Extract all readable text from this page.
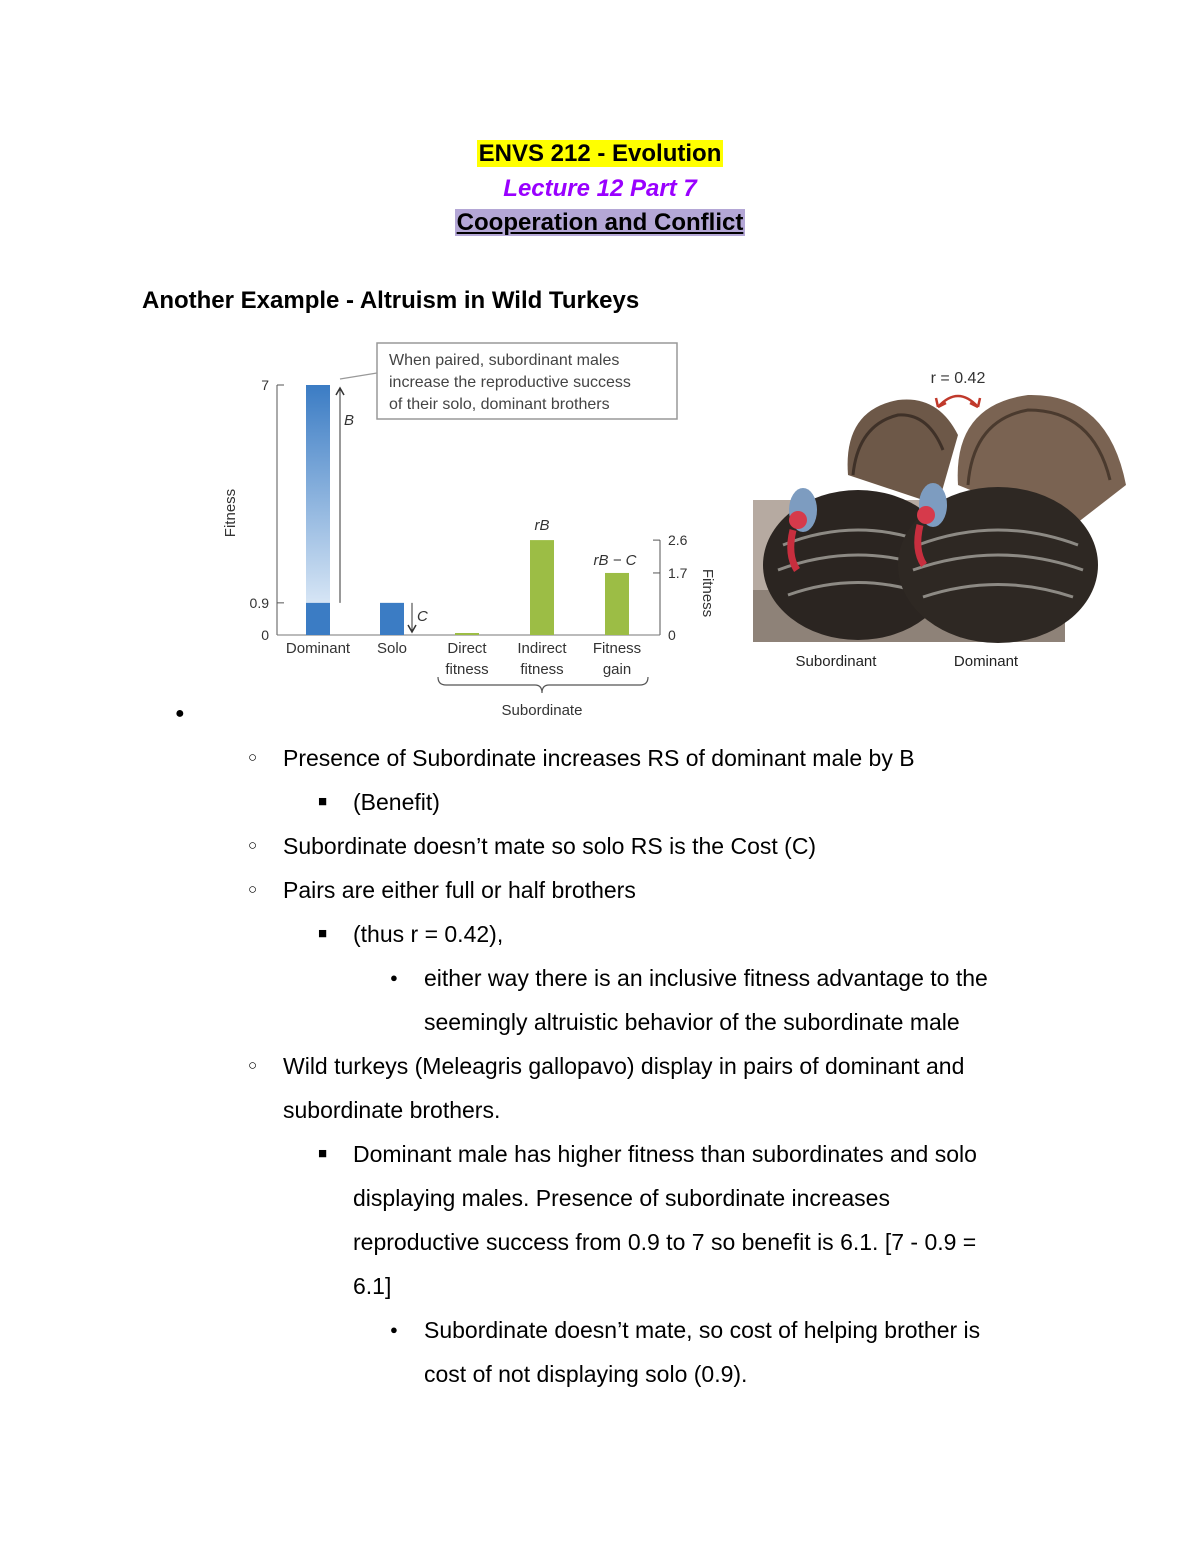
ENVS 212 - Evolution
Lecture 12 Part 7
Cooperation and Conflict
Another Example - Altruism in Wild Turkeys
0
0.9
7
Fitness
0
1.7
2.6
Fitness
B
C
rB
rB − C
When paired, subordinant males
increase the reproductive success
of their solo, dominant brothers
Dominant Solo	Direct
fitness
Indirect
fitness
Fitness
gain
Subordinate
r = 0.42
Subordinant	Dominant
●
○ Presence of Subordinate increases RS of dominant male by B
■ (Benefit)
○ Subordinate doesn’t mate so solo RS is the Cost (C)
○ Pairs are either full or half brothers
■ (thus r = 0.42),
● either way there is an inclusive fitness advantage to the
seemingly altruistic behavior of the subordinate male
○ Wild turkeys (Meleagris gallopavo) display in pairs of dominant and
subordinate brothers.
■ Dominant male has higher fitness than subordinates and solo
displaying males. Presence of subordinate increases
reproductive success from 0.9 to 7 so benefit is 6.1. [7 - 0.9 =
6.1]
● Subordinate doesn’t mate, so cost of helping brother is
cost of not displaying solo (0.9).
